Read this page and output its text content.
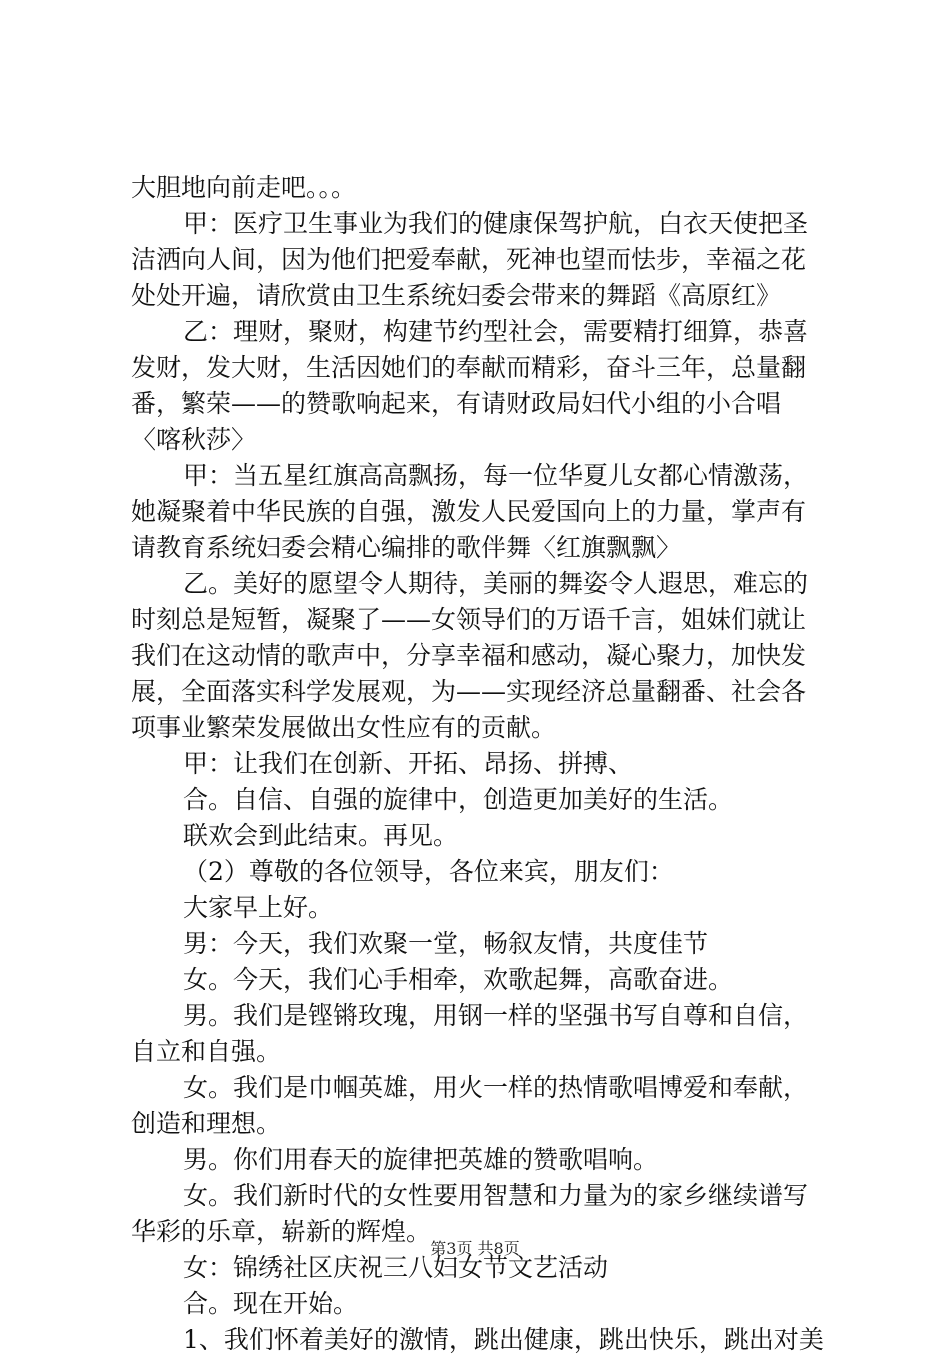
大胆地向前走吧。。。
甲：医疗卫生事业为我们的健康保驾护航，白衣天使把圣
洁洒向人间，因为他们把爱奉献，死神也望而怯步，幸福之花
处处开遍，请欣赏由卫生系统妇委会带来的舞蹈《高原红》
乙：理财，聚财，构建节约型社会，需要精打细算，恭喜
发财，发大财，生活因她们的奉献而精彩，奋斗三年，总量翻
番，繁荣——的赞歌响起来，有请财政局妇代小组的小合唱
〈喀秋莎〉
甲：当五星红旗高高飘扬，每一位华夏儿女都心情激荡，
她凝聚着中华民族的自强，激发人民爱国向上的力量，掌声有
请教育系统妇委会精心编排的歌伴舞〈红旗飘飘〉
乙。美好的愿望令人期待，美丽的舞姿令人遐思，难忘的
时刻总是短暂，凝聚了——女领导们的万语千言，姐妹们就让
我们在这动情的歌声中，分享幸福和感动，凝心聚力，加快发
展，全面落实科学发展观，为——实现经济总量翻番、社会各
项事业繁荣发展做出女性应有的贡献。
甲：让我们在创新、开拓、昂扬、拼搏、
合。自信、自强的旋律中，创造更加美好的生活。
联欢会到此结束。再见。
（2）尊敬的各位领导，各位来宾，朋友们：
大家早上好。
男：今天，我们欢聚一堂，畅叙友情，共度佳节
女。今天，我们心手相牵，欢歌起舞，高歌奋进。
男。我们是铿锵玫瑰，用钢一样的坚强书写自尊和自信，
自立和自强。
女。我们是巾帼英雄，用火一样的热情歌唱博爱和奉献，
创造和理想。
男。你们用春天的旋律把英雄的赞歌唱响。
女。我们新时代的女性要用智慧和力量为的家乡继续谱写
华彩的乐章，崭新的辉煌。
女：锦绣社区庆祝三八妇女节文艺活动
合。现在开始。
1、我们怀着美好的激情，跳出健康，跳出快乐，跳出对美
第3页 共8页
